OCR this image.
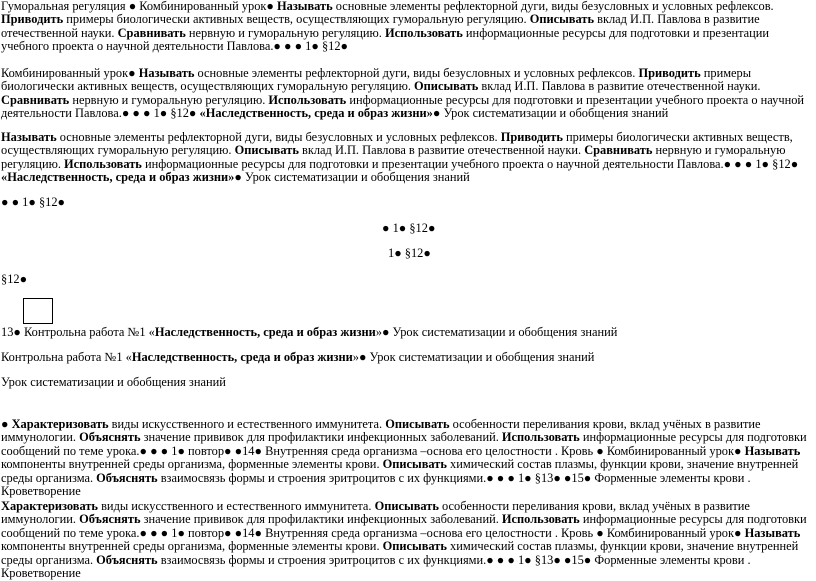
Гуморальная регуляция ● Комбинированный урок● Называть основные элементы рефлекторной дуги, виды безусловных и условных рефлексов. Приводить примеры биологически активных веществ, осуществляющих гуморальную регуляцию. Описывать вклад И.П. Павлова в развитие отечественной науки. Сравнивать нервную и гуморальную регуляцию. Использовать информационные ресурсы для подготовки и презентации учебного проекта о научной деятельности Павлова.● ● ● 1● §12●
Комбинированный урок● Называть основные элементы рефлекторной дуги, виды безусловных и условных рефлексов. Приводить примеры биологически активных веществ, осуществляющих гуморальную регуляцию. Описывать вклад И.П. Павлова в развитие отечественной науки. Сравнивать нервную и гуморальную регуляцию. Использовать информационные ресурсы для подготовки и презентации учебного проекта о научной деятельности Павлова.● ● ● 1● §12● «Наследственность, среда и образ жизни»● Урок систематизации и обобщения знаний
Называть основные элементы рефлекторной дуги, виды безусловных и условных рефлексов. Приводить примеры биологически активных веществ, осуществляющих гуморальную регуляцию. Описывать вклад И.П. Павлова в развитие отечественной науки. Сравнивать нервную и гуморальную регуляцию. Использовать информационные ресурсы для подготовки и презентации учебного проекта о научной деятельности Павлова.● ● ● 1● §12● «Наследственность, среда и образ жизни»● Урок систематизации и обобщения знаний
● ● 1● §12●
● 1● §12●
1● §12●
§12●
13● Контрольна работа №1 «Наследственность, среда и образ жизни»● Урок систематизации и обобщения знаний
Контрольна работа №1 «Наследственность, среда и образ жизни»● Урок систематизации и обобщения знаний
Урок систематизации и обобщения знаний
● Характеризовать виды искусственного и естественного иммунитета. Описывать особенности переливания крови, вклад учёных в развитие иммунологии. Объяснять значение прививок для профилактики инфекционных заболеваний. Использовать информационные ресурсы для подготовки сообщений по теме урока.● ● ● 1● повтор● ●14● Внутренняя среда организма –основа его целостности . Кровь ● Комбинированный урок● Называть компоненты внутренней среды организма, форменные элементы крови. Описывать химический состав плазмы, функции крови, значение внутренней среды организма. Объяснять взаимосвязь формы и строения эритроцитов с их функциями.● ● ● 1● §13● ●15● Форменные элементы крови . Кроветворение
Характеризовать виды искусственного и естественного иммунитета. Описывать особенности переливания крови, вклад учёных в развитие иммунологии. Объяснять значение прививок для профилактики инфекционных заболеваний. Использовать информационные ресурсы для подготовки сообщений по теме урока.● ● ● 1● повтор● ●14● Внутренняя среда организма –основа его целостности . Кровь ● Комбинированный урок● Называть компоненты внутренней среды организма, форменные элементы крови. Описывать химический состав плазмы, функции крови, значение внутренней среды организма. Объяснять взаимосвязь формы и строения эритроцитов с их функциями.● ● ● 1● §13● ●15● Форменные элементы крови . Кроветворение
